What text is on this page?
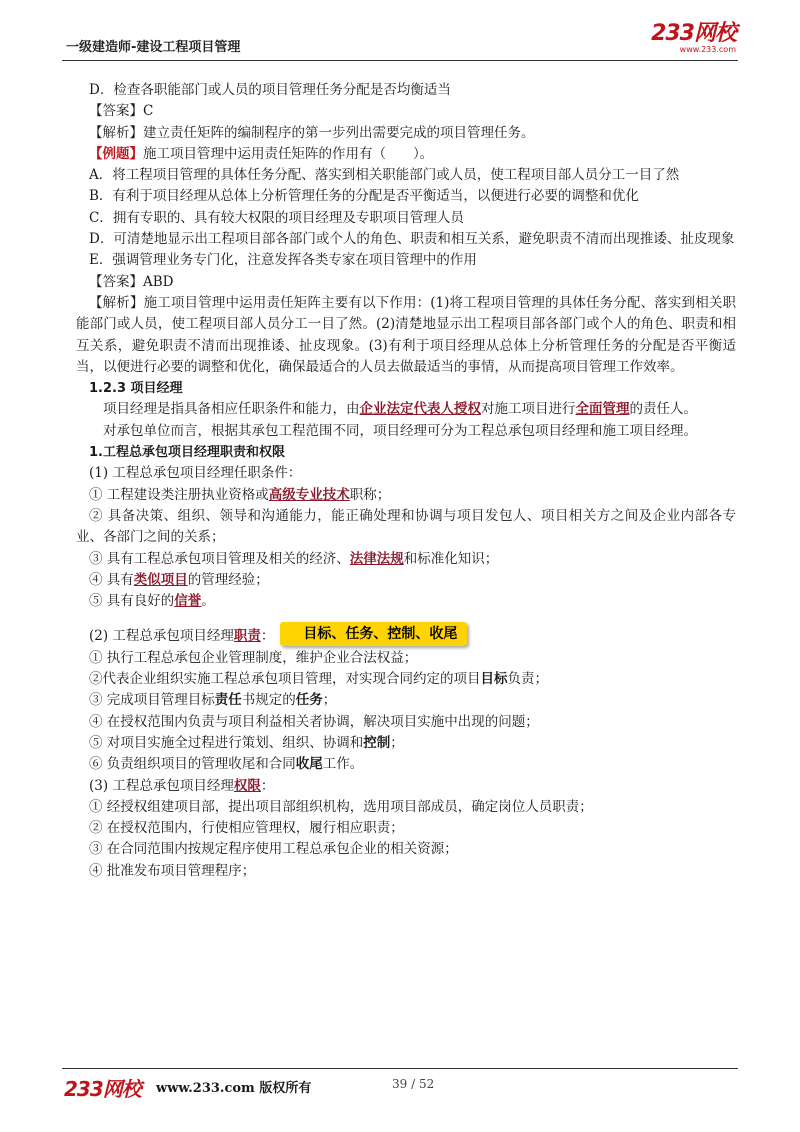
一级建造师-建设工程项目管理
233网校
www.233.com

D．检查各职能部门或人员的项目管理任务分配是否均衡适当

【答案】C

【解析】建立责任矩阵的编制程序的第一步列出需要完成的项目管理任务。

【例题】施工项目管理中运用责任矩阵的作用有（　　）。

A．将工程项目管理的具体任务分配、落实到相关职能部门或人员，使工程项目部人员分工一目了然

B．有利于项目经理从总体上分析管理任务的分配是否平衡适当，以便进行必要的调整和优化

C．拥有专职的、具有较大权限的项目经理及专职项目管理人员

D．可清楚地显示出工程项目部各部门或个人的角色、职责和相互关系，避免职责不清而出现推诿、扯皮现象

E．强调管理业务专门化，注意发挥各类专家在项目管理中的作用

【答案】ABD

【解析】施工项目管理中运用责任矩阵主要有以下作用：(1)将工程项目管理的具体任务分配、落实到相关职能部门或人员，使工程项目部人员分工一目了然。(2)清楚地显示出工程项目部各部门或个人的角色、职责和相互关系，避免职责不清而出现推诿、扯皮现象。(3)有利于项目经理从总体上分析管理任务的分配是否平衡适当，以便进行必要的调整和优化，确保最适合的人员去做最适当的事情，从而提高项目管理工作效率。

1.2.3 项目经理

项目经理是指具备相应任职条件和能力，由企业法定代表人授权对施工项目进行全面管理的责任人。

对承包单位而言，根据其承包工程范围不同，项目经理可分为工程总承包项目经理和施工项目经理。

1.工程总承包项目经理职责和权限

(1) 工程总承包项目经理任职条件：

① 工程建设类注册执业资格或高级专业技术职称；

② 具备决策、组织、领导和沟通能力，能正确处理和协调与项目发包人、项目相关方之间及企业内部各专业、各部门之间的关系；

③ 具有工程总承包项目管理及相关的经济、法律法规和标准化知识；

④ 具有类似项目的管理经验；

⑤ 具有良好的信誉。

(2) 工程总承包项目经理职责： 目标、任务、控制、收尾

① 执行工程总承包企业管理制度，维护企业合法权益；

②代表企业组织实施工程总承包项目管理，对实现合同约定的项目目标负责；

③ 完成项目管理目标责任书规定的任务；

④ 在授权范围内负责与项目利益相关者协调，解决项目实施中出现的问题；

⑤ 对项目实施全过程进行策划、组织、协调和控制；

⑥ 负责组织项目的管理收尾和合同收尾工作。

(3) 工程总承包项目经理权限：

① 经授权组建项目部，提出项目部组织机构，选用项目部成员，确定岗位人员职责；

② 在授权范围内，行使相应管理权，履行相应职责；

③ 在合同范围内按规定程序使用工程总承包企业的相关资源；

④ 批准发布项目管理程序；

233网校 www.233.com 版权所有	39 / 52
